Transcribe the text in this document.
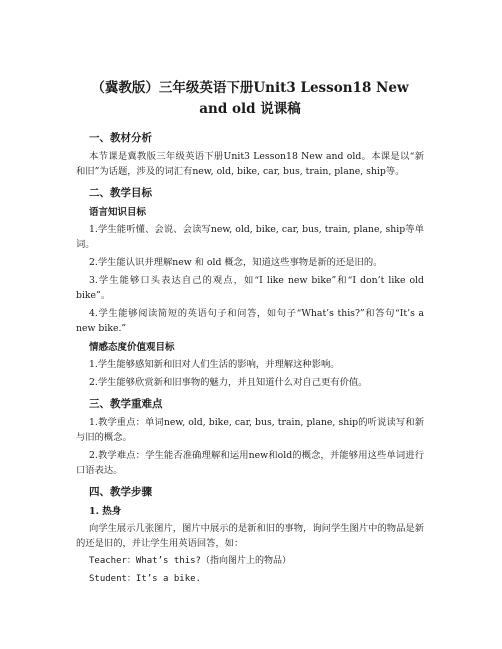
（冀教版）三年级英语下册Unit3 Lesson18 New and old 说课稿
一、教材分析
本节课是冀教版三年级英语下册Unit3 Lesson18 New and old。本课是以“新和旧”为话题，涉及的词汇有new, old, bike, car, bus, train, plane, ship等。
二、教学目标
语言知识目标
1.学生能听懂、会说、会读写new, old, bike, car, bus, train, plane, ship等单词。
2.学生能认识并理解new 和 old 概念，知道这些事物是新的还是旧的。
3.学生能够口头表达自己的观点，如“I like new bike”和“I don’t like old bike”。
4.学生能够阅读简短的英语句子和问答，如句子“What’s this?”和答句“It’s a new bike.”
情感态度价值观目标
1.学生能够感知新和旧对人们生活的影响，并理解这种影响。
2.学生能够欣赏新和旧事物的魅力，并且知道什么对自己更有价值。
三、教学重难点
1.教学重点：单词new, old, bike, car, bus, train, plane, ship的听说读写和新与旧的概念。
2.教学难点：学生能否准确理解和运用new和old的概念，并能够用这些单词进行口语表达。
四、教学步骤
1. 热身
向学生展示几张图片，图片中展示的是新和旧的事物，询问学生图片中的物品是新的还是旧的，并让学生用英语回答，如：
Teacher：What’s this?（指向图片上的物品）
Student：It’s a bike.
